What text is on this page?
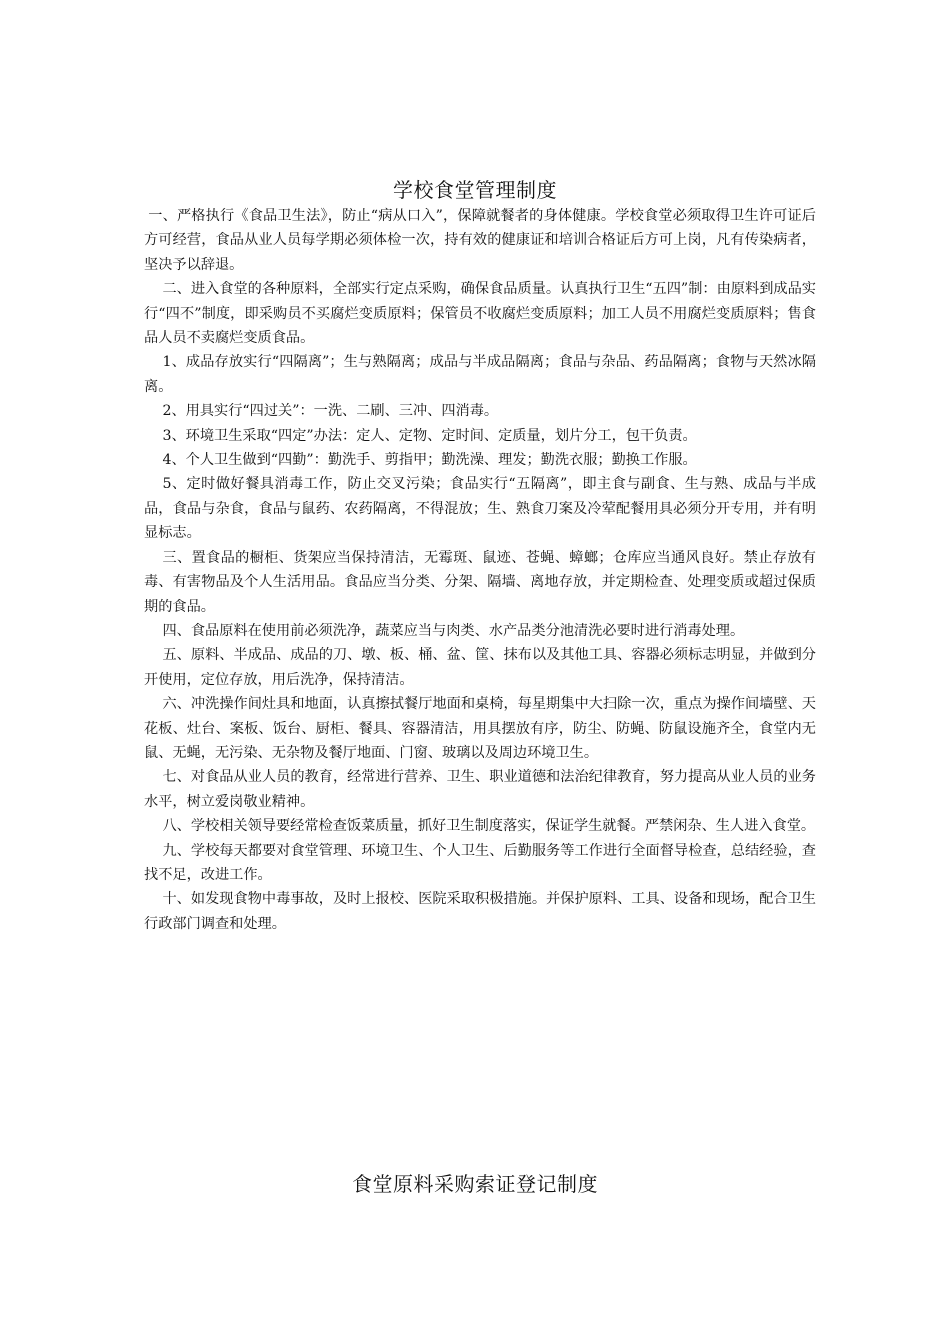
学校食堂管理制度

一、严格执行《食品卫生法》，防止“病从口入”，保障就餐者的身体健康。学校食堂必须取得卫生许可证后方可经营，食品从业人员每学期必须体检一次，持有效的健康证和培训合格证后方可上岗，凡有传染病者，坚决予以辞退。

二、进入食堂的各种原料，全部实行定点采购，确保食品质量。认真执行卫生“五四”制：由原料到成品实行“四不”制度，即采购员不买腐烂变质原料；保管员不收腐烂变质原料；加工人员不用腐烂变质原料；售食品人员不卖腐烂变质食品。

1、成品存放实行“四隔离”；生与熟隔离；成品与半成品隔离；食品与杂品、药品隔离；食物与天然冰隔离。

2、用具实行“四过关”：一洗、二刷、三冲、四消毒。

3、环境卫生采取“四定”办法：定人、定物、定时间、定质量，划片分工，包干负责。

4、个人卫生做到“四勤”：勤洗手、剪指甲；勤洗澡、理发；勤洗衣服；勤换工作服。

5、定时做好餐具消毒工作，防止交叉污染；食品实行“五隔离”，即主食与副食、生与熟、成品与半成品，食品与杂食，食品与鼠药、农药隔离，不得混放；生、熟食刀案及冷荤配餐用具必须分开专用，并有明显标志。

三、置食品的橱柜、货架应当保持清洁，无霉斑、鼠迹、苍蝇、蟑螂；仓库应当通风良好。禁止存放有毒、有害物品及个人生活用品。食品应当分类、分架、隔墙、离地存放，并定期检查、处理变质或超过保质期的食品。

四、食品原料在使用前必须洗净，蔬菜应当与肉类、水产品类分池清洗必要时进行消毒处理。

五、原料、半成品、成品的刀、墩、板、桶、盆、筐、抹布以及其他工具、容器必须标志明显，并做到分开使用，定位存放，用后洗净，保持清洁。

六、冲洗操作间灶具和地面，认真擦拭餐厅地面和桌椅，每星期集中大扫除一次，重点为操作间墙壁、天花板、灶台、案板、饭台、厨柜、餐具、容器清洁，用具摆放有序，防尘、防蝇、防鼠设施齐全，食堂内无鼠、无蝇，无污染、无杂物及餐厅地面、门窗、玻璃以及周边环境卫生。

七、对食品从业人员的教育，经常进行营养、卫生、职业道德和法治纪律教育，努力提高从业人员的业务水平，树立爱岗敬业精神。

八、学校相关领导要经常检查饭菜质量，抓好卫生制度落实，保证学生就餐。严禁闲杂、生人进入食堂。

九、学校每天都要对食堂管理、环境卫生、个人卫生、后勤服务等工作进行全面督导检查，总结经验，查找不足，改进工作。

十、如发现食物中毒事故，及时上报校、医院采取积极措施。并保护原料、工具、设备和现场，配合卫生行政部门调查和处理。

食堂原料采购索证登记制度
